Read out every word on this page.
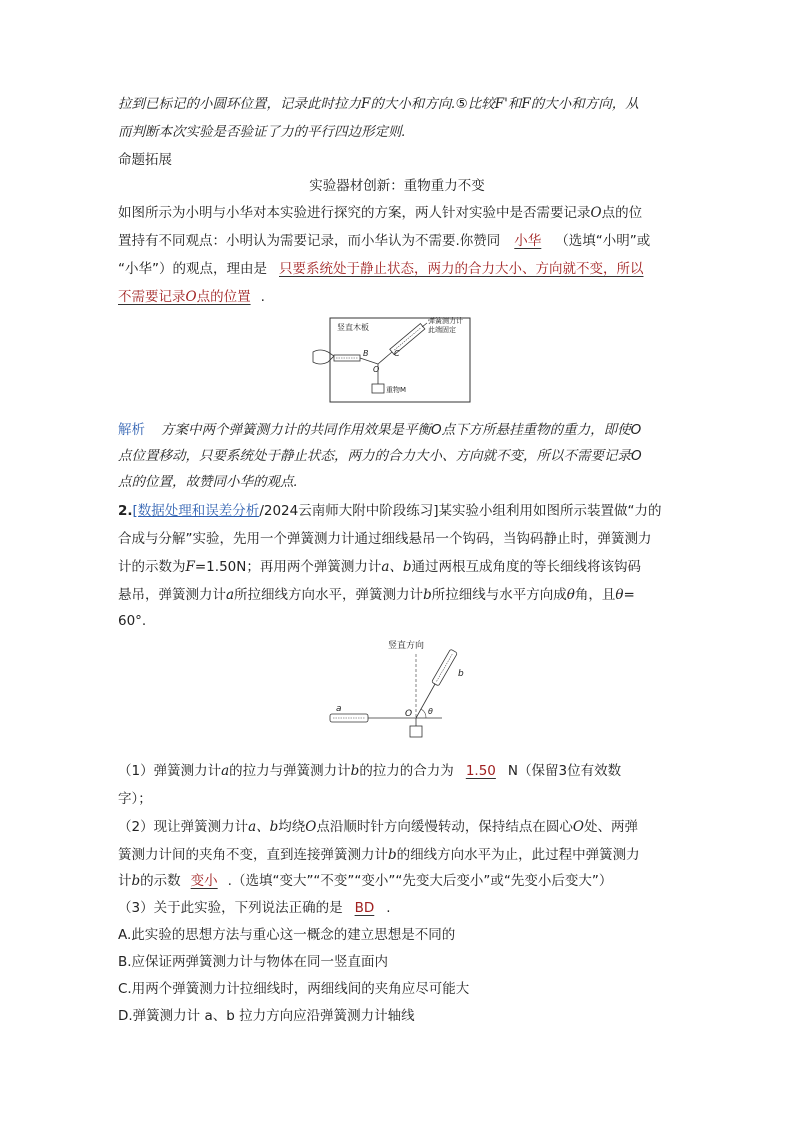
拉到已标记的小圆环位置，记录此时拉力F的大小和方向.⑤比较F'和F的大小和方向，从
而判断本次实验是否验证了力的平行四边形定则.
命题拓展
实验器材创新：重物重力不变
如图所示为小明与小华对本实验进行探究的方案，两人针对实验中是否需要记录O点的位
置持有不同观点：小明认为需要记录，而小华认为不需要.你赞同 小华 （选填“小明”或
“小华”）的观点，理由是 只要系统处于静止状态，两力的合力大小、方向就不变，所以
不需要记录O点的位置 .
竖直木板
弹簧测力计
此端固定
B	C
O
重物M
解析 方案中两个弹簧测力计的共同作用效果是平衡O点下方所悬挂重物的重力，即使O
点位置移动，只要系统处于静止状态，两力的合力大小、方向就不变，所以不需要记录O
点的位置，故赞同小华的观点.
2.[数据处理和误差分析/2024云南师大附中阶段练习]某实验小组利用如图所示装置做“力的
合成与分解”实验，先用一个弹簧测力计通过细线悬吊一个钩码，当钩码静止时，弹簧测力
计的示数为F=1.50N；再用两个弹簧测力计a、b通过两根互成角度的等长细线将该钩码
悬吊，弹簧测力计a所拉细线方向水平，弹簧测力计b所拉细线与水平方向成θ角，且θ=
60°.
竖直方向
a
b
θ
O
（1）弹簧测力计a的拉力与弹簧测力计b的拉力的合力为 1.50 N（保留3位有效数
字）；
（2）现让弹簧测力计a、b均绕O点沿顺时针方向缓慢转动，保持结点在圆心O处、两弹
簧测力计间的夹角不变，直到连接弹簧测力计b的细线方向水平为止，此过程中弹簧测力
计b的示数 变小 .（选填“变大”“不变”“变小”“先变大后变小”或“先变小后变大”）
（3）关于此实验，下列说法正确的是 BD .
A.此实验的思想方法与重心这一概念的建立思想是不同的
B.应保证两弹簧测力计与物体在同一竖直面内
C.用两个弹簧测力计拉细线时，两细线间的夹角应尽可能大
D.弹簧测力计 a、b 拉力方向应沿弹簧测力计轴线
